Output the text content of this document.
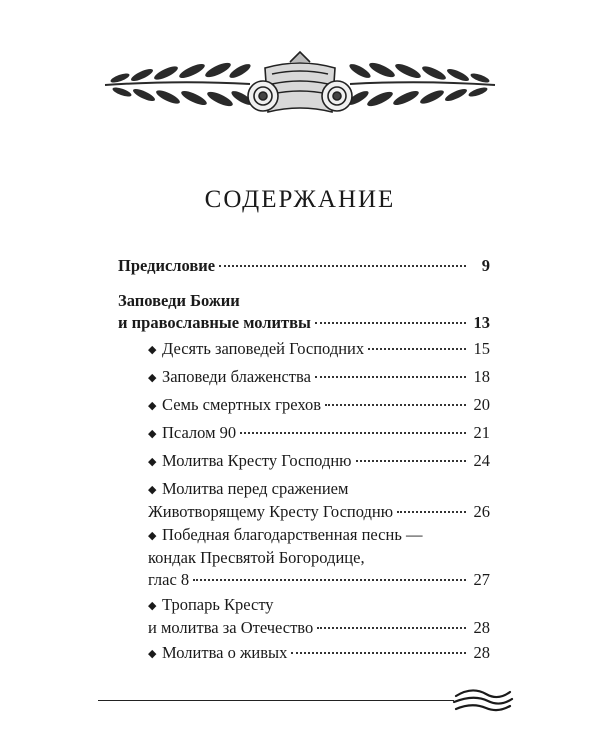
СОДЕРЖАНИЕ
Предисловие	9
Заповеди Божии
и православные молитвы	13
◆ Десять заповедей Господних	15
◆ Заповеди блаженства	18
◆ Семь смертных грехов	20
◆ Псалом 90	21
◆ Молитва Кресту Господню	24
◆ Молитва перед сражением
Животворящему Кресту Господню	26
◆ Победная благодарственная песнь —
кондак Пресвятой Богородице,
глас 8	27
◆ Тропарь Кресту
и молитва за Отечество	28
◆ Молитва о живых	28
